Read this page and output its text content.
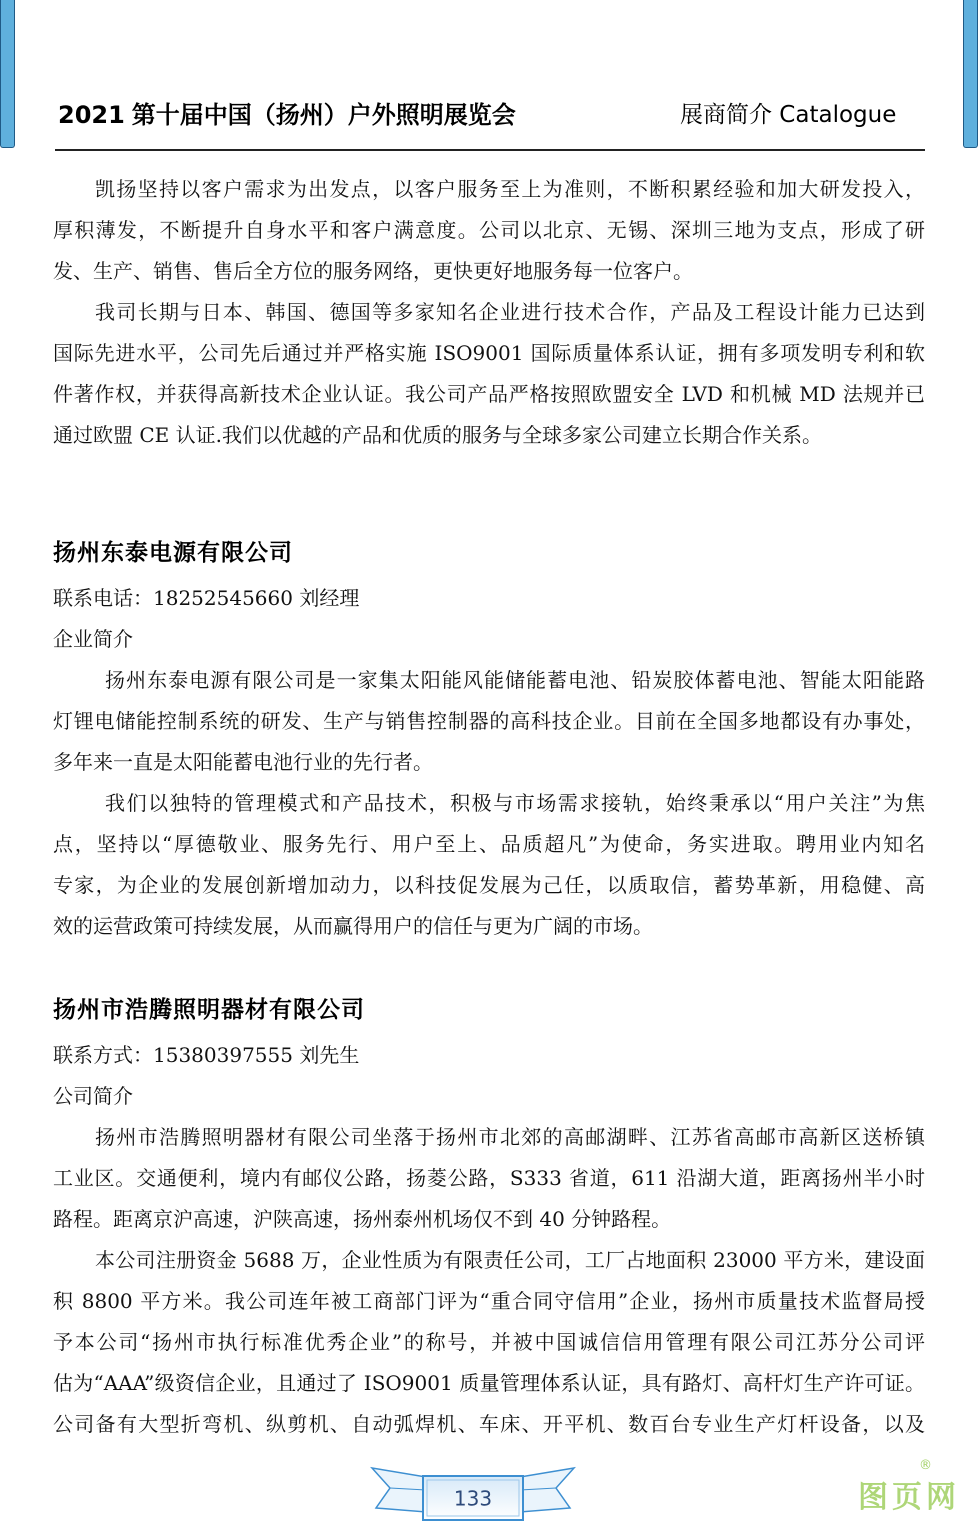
2021 第十届中国（扬州）户外照明展览会	展商简介 Catalogue
凯扬坚持以客户需求为出发点，以客户服务至上为准则，不断积累经验和加大研发投入，
厚积薄发，不断提升自身水平和客户满意度。公司以北京、无锡、深圳三地为支点，形成了研
发、生产、销售、售后全方位的服务网络，更快更好地服务每一位客户。
我司长期与日本、韩国、德国等多家知名企业进行技术合作，产品及工程设计能力已达到
国际先进水平，公司先后通过并严格实施 ISO9001 国际质量体系认证，拥有多项发明专利和软
件著作权，并获得高新技术企业认证。我公司产品严格按照欧盟安全 LVD 和机械 MD 法规并已
通过欧盟 CE 认证.我们以优越的产品和优质的服务与全球多家公司建立长期合作关系。
扬州东泰电源有限公司
联系电话：18252545660 刘经理
企业简介
扬州东泰电源有限公司是一家集太阳能风能储能蓄电池、铅炭胶体蓄电池、智能太阳能路
灯锂电储能控制系统的研发、生产与销售控制器的高科技企业。目前在全国多地都设有办事处，
多年来一直是太阳能蓄电池行业的先行者。
我们以独特的管理模式和产品技术，积极与市场需求接轨，始终秉承以“用户关注”为焦
点，坚持以“厚德敬业、服务先行、用户至上、品质超凡”为使命，务实进取。聘用业内知名
专家，为企业的发展创新增加动力，以科技促发展为己任，以质取信，蓄势革新，用稳健、高
效的运营政策可持续发展，从而赢得用户的信任与更为广阔的市场。
扬州市浩腾照明器材有限公司
联系方式：15380397555 刘先生
公司简介
扬州市浩腾照明器材有限公司坐落于扬州市北郊的高邮湖畔、江苏省高邮市高新区送桥镇
工业区。交通便利，境内有邮仪公路，扬菱公路，S333 省道，611 沿湖大道，距离扬州半小时
路程。距离京沪高速，沪陕高速，扬州泰州机场仅不到 40 分钟路程。
本公司注册资金 5688 万，企业性质为有限责任公司，工厂占地面积 23000 平方米，建设面
积 8800 平方米。我公司连年被工商部门评为“重合同守信用”企业，扬州市质量技术监督局授
予本公司“扬州市执行标准优秀企业”的称号，并被中国诚信信用管理有限公司江苏分公司评
估为“AAA”级资信企业，且通过了 ISO9001 质量管理体系认证，具有路灯、高杆灯生产许可证。
公司备有大型折弯机、纵剪机、自动弧焊机、车床、开平机、数百台专业生产灯杆设备，以及
133	图页网
®
